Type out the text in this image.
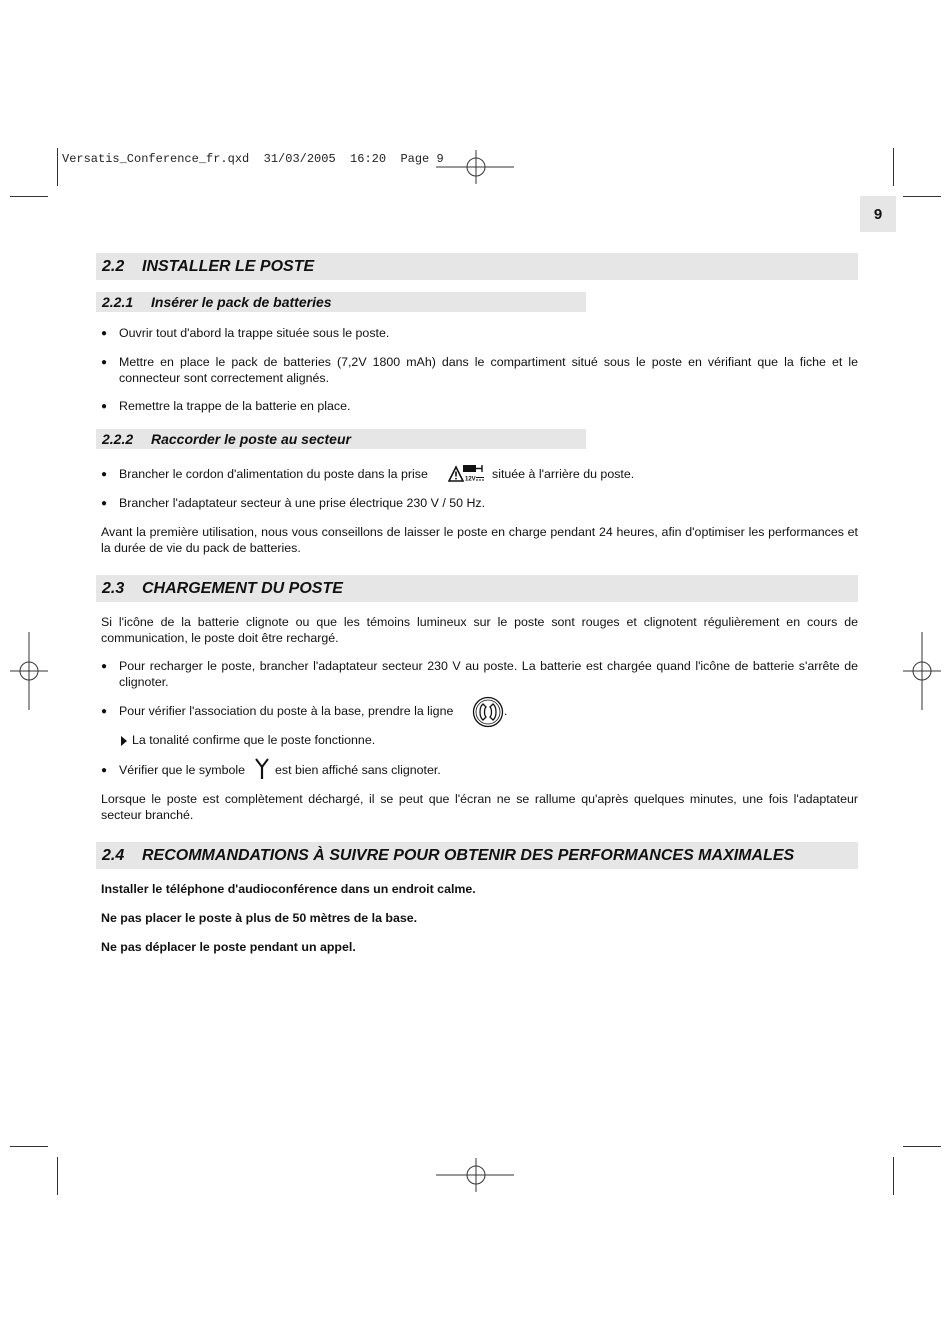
Versatis_Conference_fr.qxd  31/03/2005  16:20  Page 9
9
2.2 INSTALLER LE POSTE
2.2.1 Insérer le pack de batteries
● Ouvrir tout d'abord la trappe située sous le poste.
● Mettre en place le pack de batteries (7,2V 1800 mAh) dans le compartiment situé sous le poste en vérifiant que la fiche et le connecteur sont correctement alignés.
● Remettre la trappe de la batterie en place.
2.2.2 Raccorder le poste au secteur
● Brancher le cordon d'alimentation du poste dans la prise	12V située à l'arrière du poste.
● Brancher l'adaptateur secteur à une prise électrique 230 V / 50 Hz.
Avant la première utilisation, nous vous conseillons de laisser le poste en charge pendant 24 heures, afin d'optimiser les performances et la durée de vie du pack de batteries.
2.3 CHARGEMENT DU POSTE
Si l'icône de la batterie clignote ou que les témoins lumineux sur le poste sont rouges et clignotent régulièrement en cours de communication, le poste doit être rechargé.
● Pour recharger le poste, brancher l'adaptateur secteur 230 V au poste. La batterie est chargée quand l'icône de batterie s'arrête de clignoter.
● Pour vérifier l'association du poste à la base, prendre la ligne	.
La tonalité confirme que le poste fonctionne.
● Vérifier que le symbole est bien affiché sans clignoter.
Lorsque le poste est complètement déchargé, il se peut que l'écran ne se rallume qu'après quelques minutes, une fois l'adaptateur secteur branché.
2.4 RECOMMANDATIONS À SUIVRE POUR OBTENIR DES PERFORMANCES MAXIMALES
Installer le téléphone d'audioconférence dans un endroit calme.
Ne pas placer le poste à plus de 50 mètres de la base.
Ne pas déplacer le poste pendant un appel.
